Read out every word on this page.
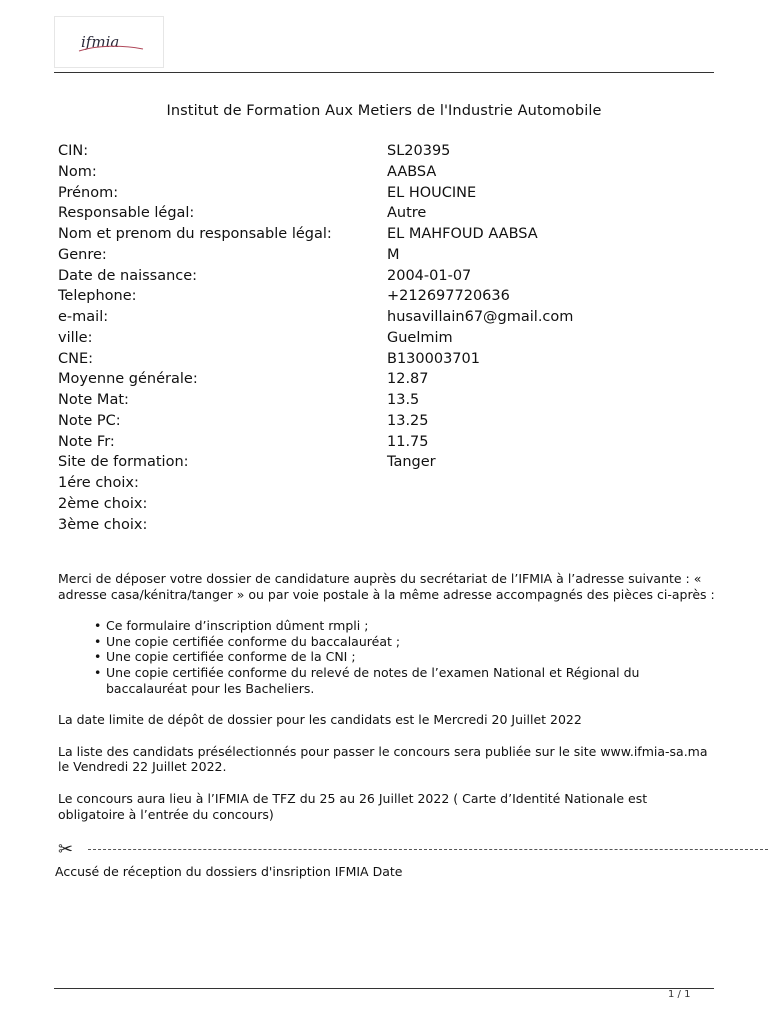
ifmia
Institut de Formation Aux Metiers de l'Industrie Automobile
CIN:	SL20395
Nom:	AABSA
Prénom:	EL HOUCINE
Responsable légal:	Autre
Nom et prenom du responsable légal:	EL MAHFOUD AABSA
Genre:	M
Date de naissance:	2004-01-07
Telephone:	+212697720636
e-mail:	husavillain67@gmail.com
ville:	Guelmim
CNE:	B130003701
Moyenne générale:	12.87
Note Mat:	13.5
Note PC:	13.25
Note Fr:	11.75
Site de formation:	Tanger
1ére choix:
2ème choix:
3ème choix:

Merci de déposer votre dossier de candidature auprès du secrétariat de l’IFMIA à l’adresse suivante : « adresse casa/kénitra/tanger » ou par voie postale à la même adresse accompagnés des pièces ci-après :

• Ce formulaire d’inscription dûment rmpli ;
• Une copie certifiée conforme du baccalauréat ;
• Une copie certifiée conforme de la CNI ;
• Une copie certifiée conforme du relevé de notes de l’examen National et Régional du baccalauréat pour les Bacheliers.

La date limite de dépôt de dossier pour les candidats est le Mercredi 20 Juillet 2022

La liste des candidats présélectionnés pour passer le concours sera publiée sur le site www.ifmia-sa.ma le Vendredi 22 Juillet 2022.

Le concours aura lieu à l’IFMIA de TFZ du 25 au 26 Juillet 2022 ( Carte d’Identité Nationale est obligatoire à l’entrée du concours)

✂
Accusé de réception du dossiers d'insription IFMIA Date
1 / 1
